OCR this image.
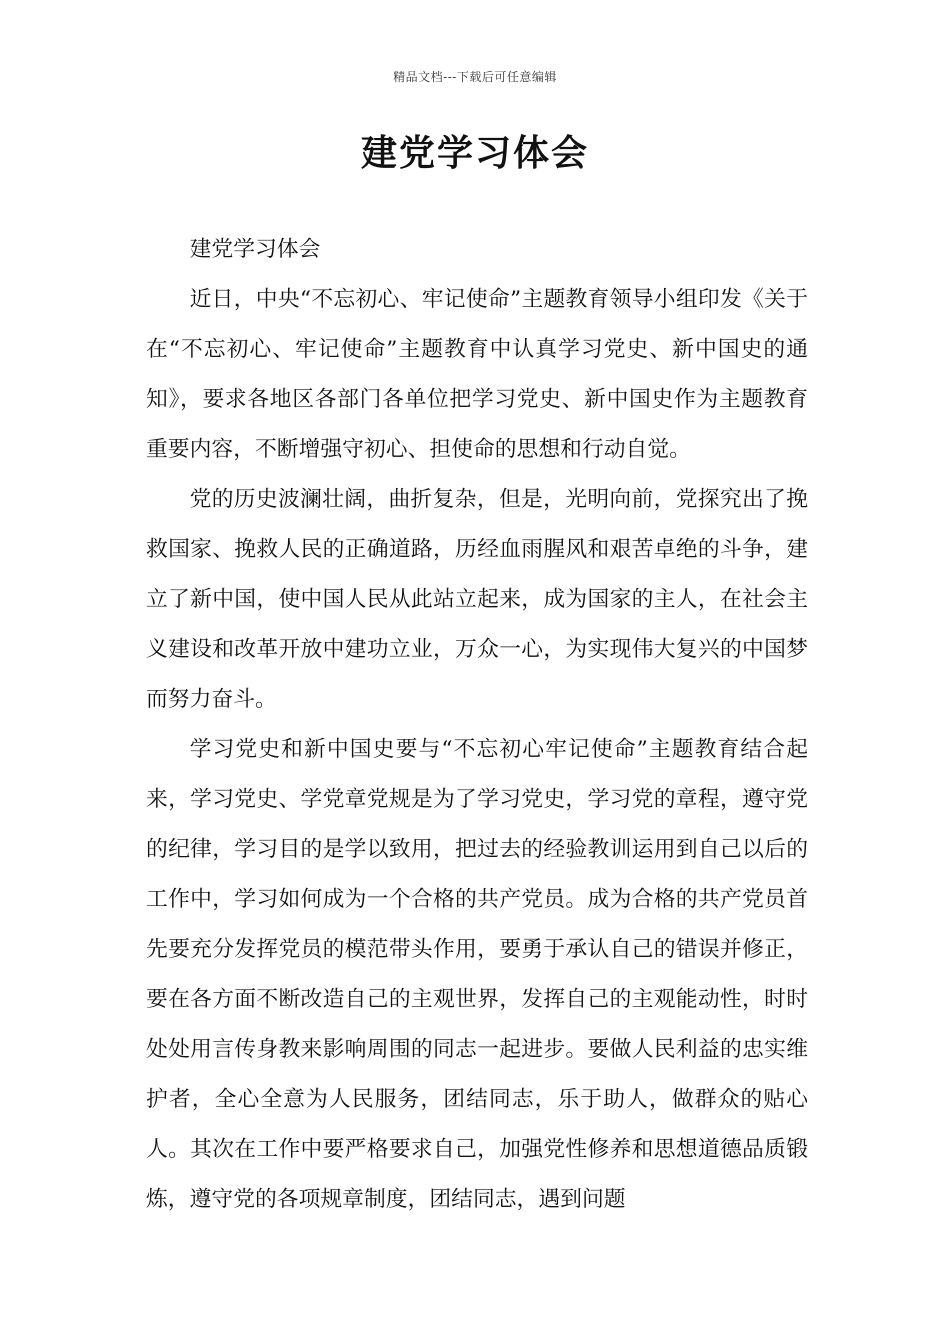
精品文档---下载后可任意编辑
建党学习体会

建党学习体会

近日，中央“不忘初心、牢记使命”主题教育领导小组印发《关于在“不忘初心、牢记使命”主题教育中认真学习党史、新中国史的通知》，要求各地区各部门各单位把学习党史、新中国史作为主题教育重要内容，不断增强守初心、担使命的思想和行动自觉。

党的历史波澜壮阔，曲折复杂，但是，光明向前，党探究出了挽救国家、挽救人民的正确道路，历经血雨腥风和艰苦卓绝的斗争，建立了新中国，使中国人民从此站立起来，成为国家的主人，在社会主义建设和改革开放中建功立业，万众一心，为实现伟大复兴的中国梦而努力奋斗。

学习党史和新中国史要与“不忘初心牢记使命”主题教育结合起来，学习党史、学党章党规是为了学习党史，学习党的章程，遵守党的纪律，学习目的是学以致用，把过去的经验教训运用到自己以后的工作中，学习如何成为一个合格的共产党员。成为合格的共产党员首先要充分发挥党员的模范带头作用，要勇于承认自己的错误并修正，要在各方面不断改造自己的主观世界，发挥自己的主观能动性，时时处处用言传身教来影响周围的同志一起进步。要做人民利益的忠实维护者，全心全意为人民服务，团结同志，乐于助人，做群众的贴心人。其次在工作中要严格要求自己，加强党性修养和思想道德品质锻炼，遵守党的各项规章制度，团结同志，遇到问题
